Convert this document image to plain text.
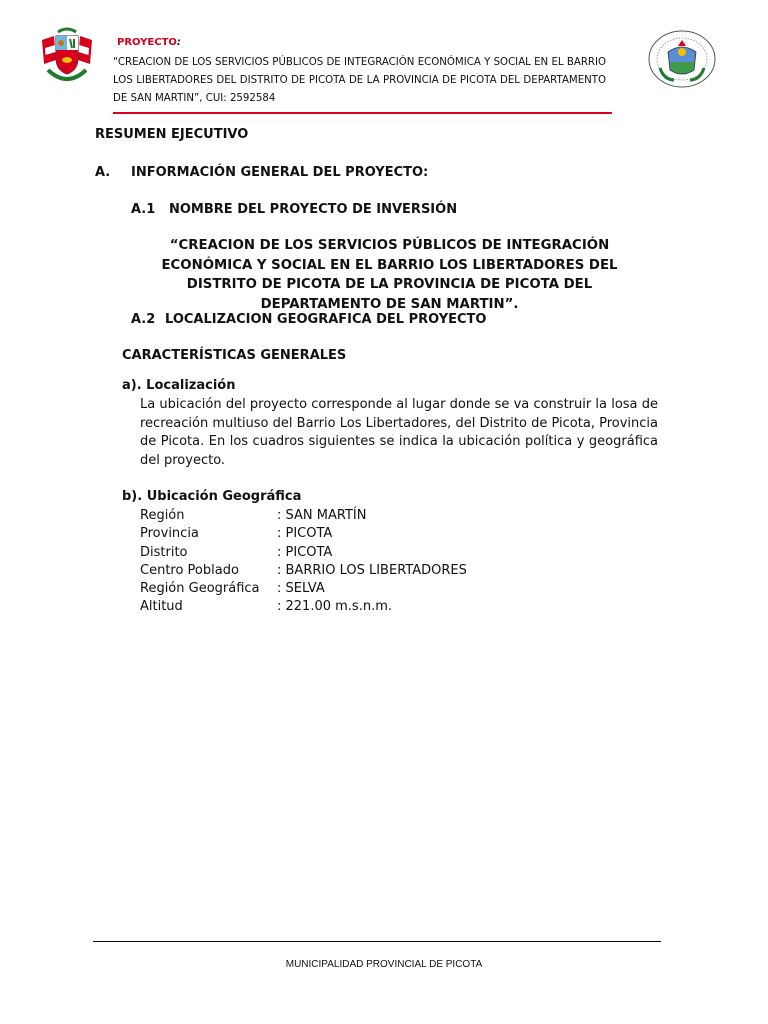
PROYECTO:
“CREACION DE LOS SERVICIOS PÚBLICOS DE INTEGRACIÓN ECONÓMICA Y SOCIAL EN EL BARRIO LOS LIBERTADORES DEL DISTRITO DE PICOTA DE LA PROVINCIA DE PICOTA DEL DEPARTAMENTO DE SAN MARTIN”, CUI: 2592584
RESUMEN EJECUTIVO
A. INFORMACIÓN GENERAL DEL PROYECTO:
A.1 NOMBRE DEL PROYECTO DE INVERSIÓN
“CREACION DE LOS SERVICIOS PÚBLICOS DE INTEGRACIÓN ECONÓMICA Y SOCIAL EN EL BARRIO LOS LIBERTADORES DEL DISTRITO DE PICOTA DE LA PROVINCIA DE PICOTA DEL DEPARTAMENTO DE SAN MARTIN”.
A.2 LOCALIZACION GEOGRAFICA DEL PROYECTO
CARACTERÍSTICAS GENERALES
a). Localización
La ubicación del proyecto corresponde al lugar donde se va construir la losa de recreación multiuso del Barrio Los Libertadores, del Distrito de Picota, Provincia de Picota. En los cuadros siguientes se indica la ubicación política y geográfica del proyecto.
b). Ubicación Geográfica
Región	: SAN MARTÍN
Provincia	: PICOTA
Distrito	: PICOTA
Centro Poblado	: BARRIO LOS LIBERTADORES
Región Geográfica	: SELVA
Altitud	: 221.00 m.s.n.m.
MUNICIPALIDAD PROVINCIAL DE PICOTA
